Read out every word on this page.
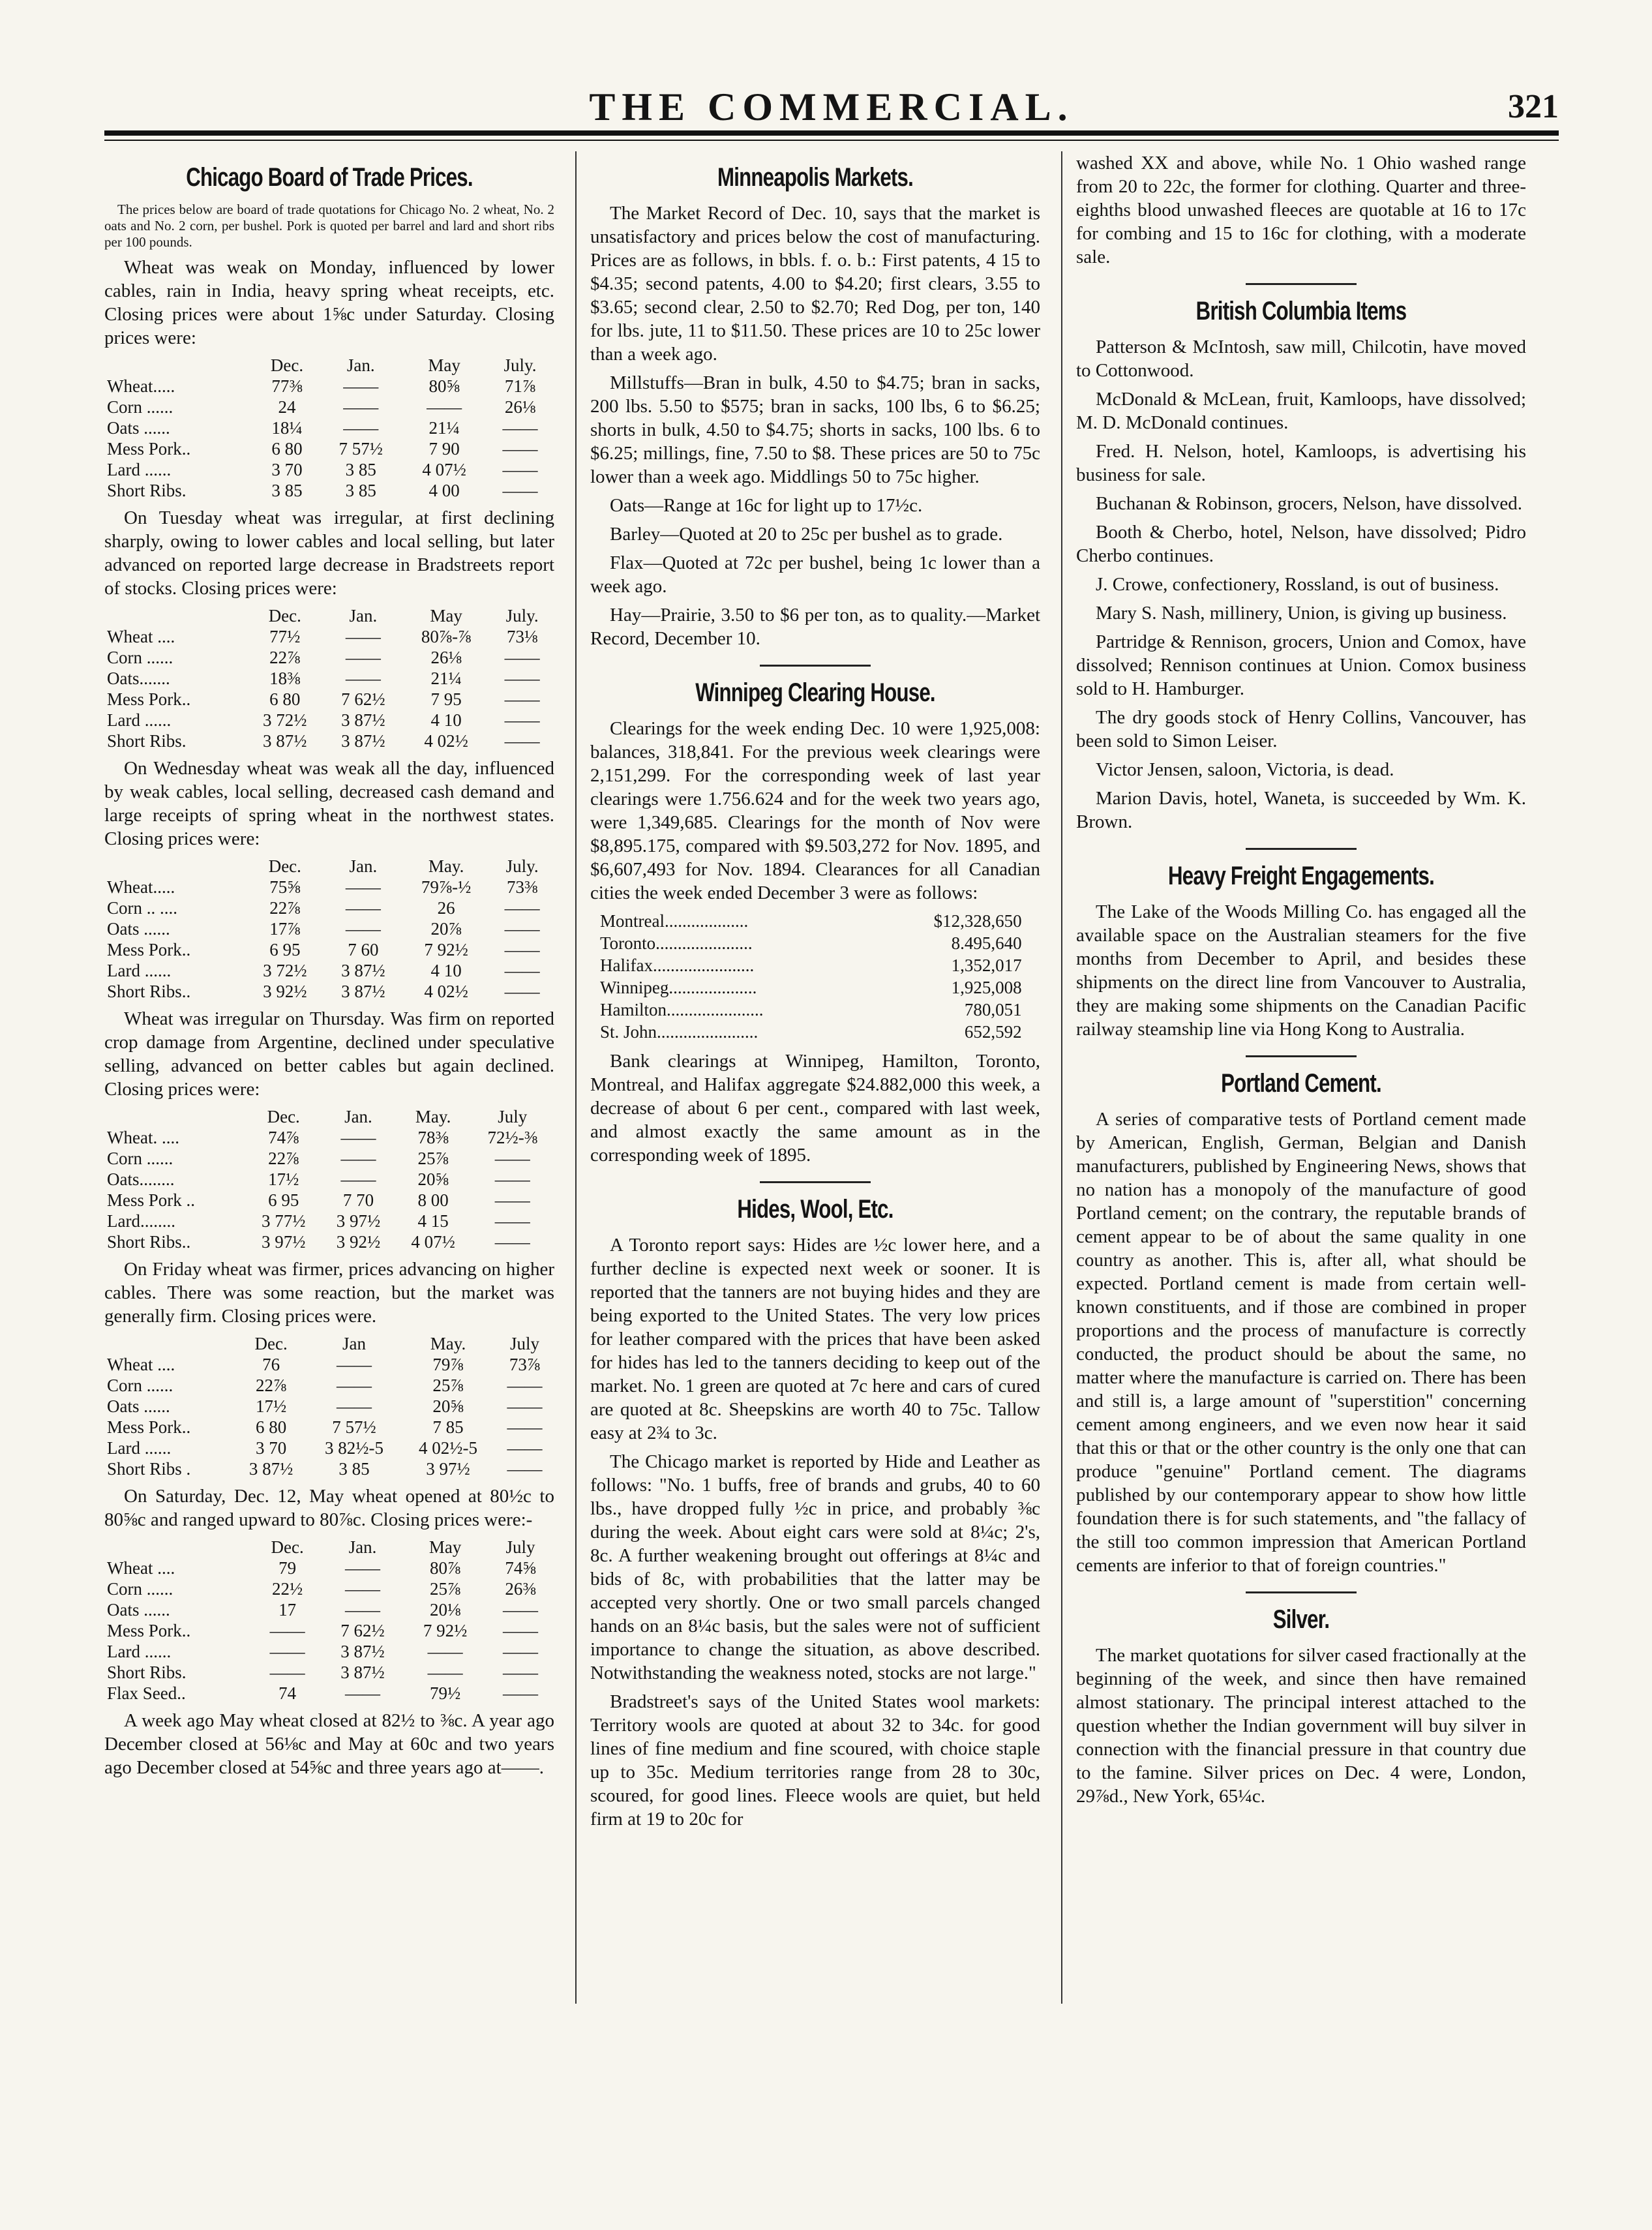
THE COMMERCIAL.	321
Chicago Board of Trade Prices.

The prices below are board of trade quotations for Chicago No. 2 wheat, No. 2 oats and No. 2 corn, per bushel. Pork is quoted per barrel and lard and short ribs per 100 pounds.

Wheat was weak on Monday, influenced by lower cables, rain in India, heavy spring wheat receipts, etc. Closing prices were about 1⅝c under Saturday. Closing prices were:

	Dec.	Jan.	May	July.
Wheat.....	77⅜	——	80⅝	71⅞
Corn ......	24	——	——	26⅛
Oats ......	18¼	——	21¼	——
Mess Pork..	6 80	7 57½	7 90	——
Lard ......	3 70	3 85	4 07½	——
Short Ribs.	3 85	3 85	4 00	——

On Tuesday wheat was irregular, at first declining sharply, owing to lower cables and local selling, but later advanced on reported large decrease in Bradstreets report of stocks. Closing prices were:

	Dec.	Jan.	May	July.
Wheat ....	77½	——	80⅞-⅞	73⅛
Corn ......	22⅞	——	26⅛	——
Oats.......	18⅜	——	21¼	——
Mess Pork..	6 80	7 62½	7 95	——
Lard ......	3 72½	3 87½	4 10	——
Short Ribs.	3 87½	3 87½	4 02½	——

On Wednesday wheat was weak all the day, influenced by weak cables, local selling, decreased cash demand and large receipts of spring wheat in the northwest states. Closing prices were:

	Dec.	Jan.	May.	July.
Wheat.....	75⅝	——	79⅞-½	73⅜
Corn .. ....	22⅞	——	26	——
Oats ......	17⅞	——	20⅞	——
Mess Pork..	6 95	7 60	7 92½	——
Lard ......	3 72½	3 87½	4 10	——
Short Ribs..	3 92½	3 87½	4 02½	——

Wheat was irregular on Thursday. Was firm on reported crop damage from Argentine, declined under speculative selling, advanced on better cables but again declined. Closing prices were:

	Dec.	Jan.	May.	July
Wheat. ....	74⅞	——	78⅜	72½-⅜
Corn ......	22⅞	——	25⅞	——
Oats........	17½	——	20⅝	——
Mess Pork ..	6 95	7 70	8 00	——
Lard........	3 77½	3 97½	4 15	——
Short Ribs..	3 97½	3 92½	4 07½	——

On Friday wheat was firmer, prices advancing on higher cables. There was some reaction, but the market was generally firm. Closing prices were.

	Dec.	Jan	May.	July
Wheat ....	76	——	79⅞	73⅞
Corn ......	22⅞	——	25⅞	——
Oats ......	17½	——	20⅝	——
Mess Pork..	6 80	7 57½	7 85	——
Lard ......	3 70	3 82½-5	4 02½-5	——
Short Ribs .	3 87½	3 85	3 97½	——

On Saturday, Dec. 12, May wheat opened at 80½c to 80⅝c and ranged upward to 80⅞c. Closing prices were:-

	Dec.	Jan.	May	July
Wheat ....	79	——	80⅞	74⅝
Corn ......	22½	——	25⅞	26⅜
Oats ......	17	——	20⅛	——
Mess Pork..	——	7 62½	7 92½	——
Lard ......	——	3 87½	——	——
Short Ribs.	——	3 87½	——	——
Flax Seed..	74	——	79½	——

A week ago May wheat closed at 82½ to ⅜c. A year ago December closed at 56⅛c and May at 60c and two years ago December closed at 54⅝c and three years ago at——.

Minneapolis Markets.

The Market Record of Dec. 10, says that the market is unsatisfactory and prices below the cost of manufacturing. Prices are as follows, in bbls. f. o. b.: First patents, 4 15 to $4.35; second patents, 4.00 to $4.20; first clears, 3.55 to $3.65; second clear, 2.50 to $2.70; Red Dog, per ton, 140 for lbs. jute, 11 to $11.50. These prices are 10 to 25c lower than a week ago.

Millstuffs—Bran in bulk, 4.50 to $4.75; bran in sacks, 200 lbs. 5.50 to $575; bran in sacks, 100 lbs, 6 to $6.25; shorts in bulk, 4.50 to $4.75; shorts in sacks, 100 lbs. 6 to $6.25; millings, fine, 7.50 to $8. These prices are 50 to 75c lower than a week ago. Middlings 50 to 75c higher.

Oats—Range at 16c for light up to 17½c.

Barley—Quoted at 20 to 25c per bushel as to grade.

Flax—Quoted at 72c per bushel, being 1c lower than a week ago.

Hay—Prairie, 3.50 to $6 per ton, as to quality.—Market Record, December 10.

Winnipeg Clearing House.

Clearings for the week ending Dec. 10 were 1,925,008: balances, 318,841. For the previous week clearings were 2,151,299. For the corresponding week of last year clearings were 1.756.624 and for the week two years ago, were 1,349,685. Clearings for the month of Nov were $8,895.175, compared with $9.503,272 for Nov. 1895, and $6,607,493 for Nov. 1894. Clearances for all Canadian cities the week ended December 3 were as follows:

Montreal...................	$12,328,650
Toronto......................	8.495,640
Halifax.......................	1,352,017
Winnipeg....................	1,925,008
Hamilton......................	780,051
St. John.......................	652,592

Bank clearings at Winnipeg, Hamilton, Toronto, Montreal, and Halifax aggregate $24.882,000 this week, a decrease of about 6 per cent., compared with last week, and almost exactly the same amount as in the corresponding week of 1895.

Hides, Wool, Etc.

A Toronto report says: Hides are ½c lower here, and a further decline is expected next week or sooner. It is reported that the tanners are not buying hides and they are being exported to the United States. The very low prices for leather compared with the prices that have been asked for hides has led to the tanners deciding to keep out of the market. No. 1 green are quoted at 7c here and cars of cured are quoted at 8c. Sheepskins are worth 40 to 75c. Tallow easy at 2¾ to 3c.

The Chicago market is reported by Hide and Leather as follows: "No. 1 buffs, free of brands and grubs, 40 to 60 lbs., have dropped fully ½c in price, and probably ⅜c during the week. About eight cars were sold at 8¼c; 2's, 8c. A further weakening brought out offerings at 8¼c and bids of 8c, with probabilities that the latter may be accepted very shortly. One or two small parcels changed hands on an 8¼c basis, but the sales were not of sufficient importance to change the situation, as above described. Notwithstanding the weakness noted, stocks are not large."

Bradstreet's says of the United States wool markets: Territory wools are quoted at about 32 to 34c. for good lines of fine medium and fine scoured, with choice staple up to 35c. Medium territories range from 28 to 30c, scoured, for good lines. Fleece wools are quiet, but held firm at 19 to 20c for

washed XX and above, while No. 1 Ohio washed range from 20 to 22c, the former for clothing. Quarter and three-eighths blood unwashed fleeces are quotable at 16 to 17c for combing and 15 to 16c for clothing, with a moderate sale.

British Columbia Items

Patterson & McIntosh, saw mill, Chilcotin, have moved to Cottonwood.

McDonald & McLean, fruit, Kamloops, have dissolved; M. D. McDonald continues.

Fred. H. Nelson, hotel, Kamloops, is advertising his business for sale.

Buchanan & Robinson, grocers, Nelson, have dissolved.

Booth & Cherbo, hotel, Nelson, have dissolved; Pidro Cherbo continues.

J. Crowe, confectionery, Rossland, is out of business.

Mary S. Nash, millinery, Union, is giving up business.

Partridge & Rennison, grocers, Union and Comox, have dissolved; Rennison continues at Union. Comox business sold to H. Hamburger.

The dry goods stock of Henry Collins, Vancouver, has been sold to Simon Leiser.

Victor Jensen, saloon, Victoria, is dead.

Marion Davis, hotel, Waneta, is succeeded by Wm. K. Brown.

Heavy Freight Engagements.

The Lake of the Woods Milling Co. has engaged all the available space on the Australian steamers for the five months from December to April, and besides these shipments on the direct line from Vancouver to Australia, they are making some shipments on the Canadian Pacific railway steamship line via Hong Kong to Australia.

Portland Cement.

A series of comparative tests of Portland cement made by American, English, German, Belgian and Danish manufacturers, published by Engineering News, shows that no nation has a monopoly of the manufacture of good Portland cement; on the contrary, the reputable brands of cement appear to be of about the same quality in one country as another. This is, after all, what should be expected. Portland cement is made from certain well-known constituents, and if those are combined in proper proportions and the process of manufacture is correctly conducted, the product should be about the same, no matter where the manufacture is carried on. There has been and still is, a large amount of "superstition" concerning cement among engineers, and we even now hear it said that this or that or the other country is the only one that can produce "genuine" Portland cement. The diagrams published by our contemporary appear to show how little foundation there is for such statements, and "the fallacy of the still too common impression that American Portland cements are inferior to that of foreign countries."

Silver.

The market quotations for silver cased fractionally at the beginning of the week, and since then have remained almost stationary. The principal interest attached to the question whether the Indian government will buy silver in connection with the financial pressure in that country due to the famine. Silver prices on Dec. 4 were, London, 29⅞d., New York, 65¼c.
